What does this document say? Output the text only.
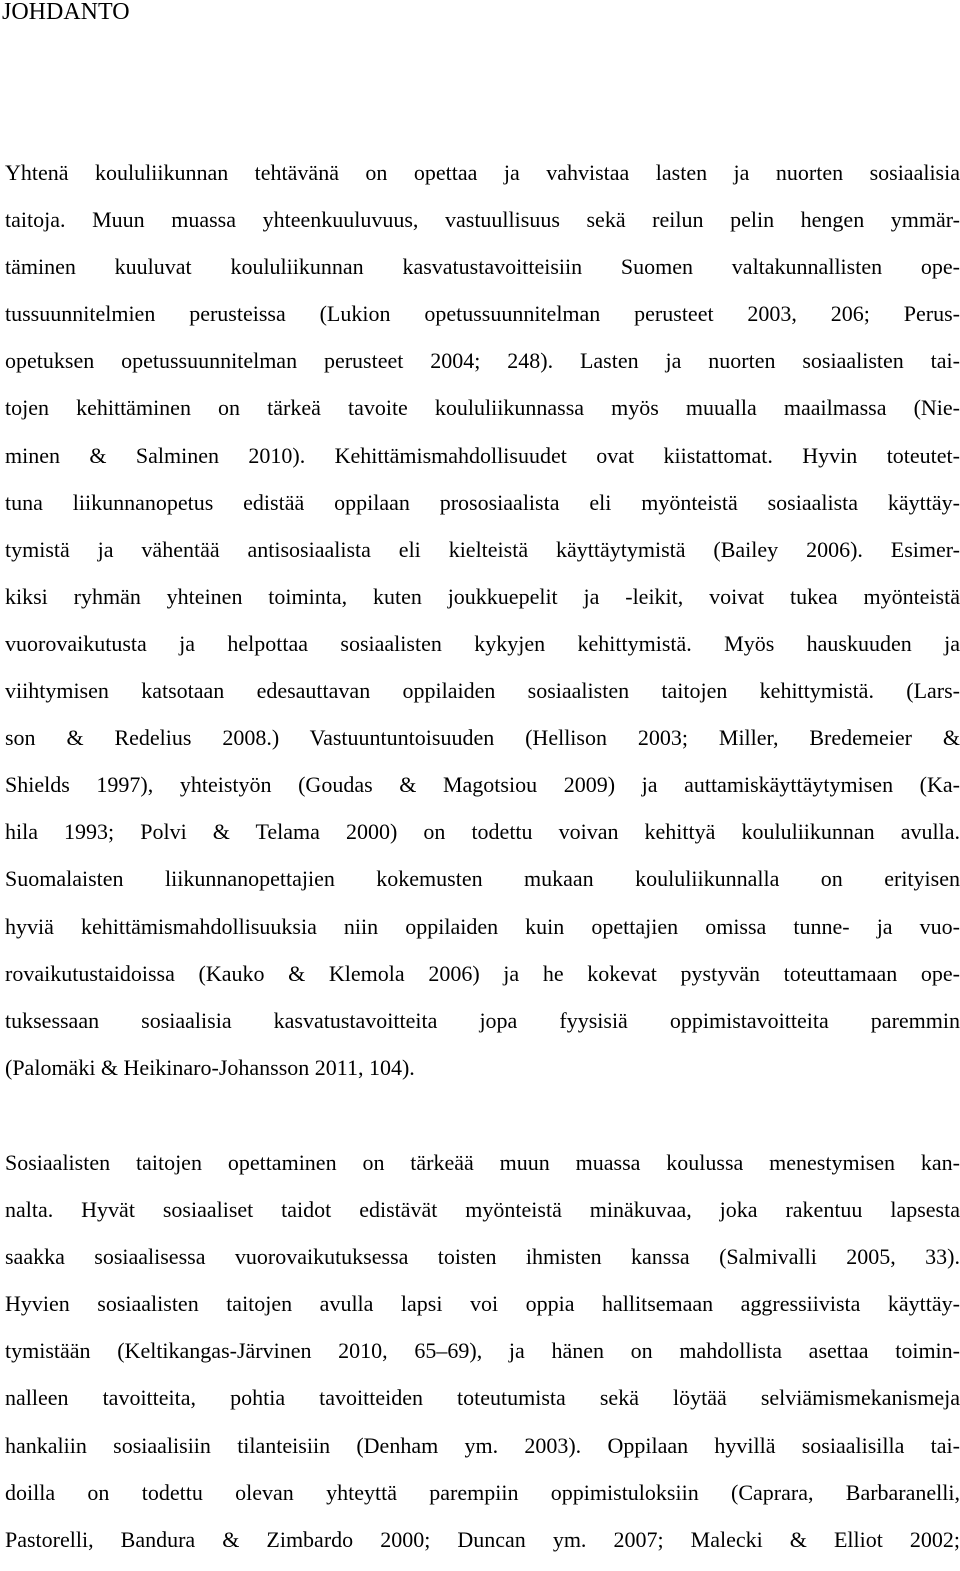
JOHDANTO
Yhtenä koululiikunnan tehtävänä on opettaa ja vahvistaa lasten ja nuorten sosiaalisia
taitoja. Muun muassa yhteenkuuluvuus, vastuullisuus sekä reilun pelin hengen ymmär-
täminen kuuluvat koululiikunnan kasvatustavoitteisiin Suomen valtakunnallisten ope-
tussuunnitelmien perusteissa (Lukion opetussuunnitelman perusteet 2003, 206; Perus-
opetuksen opetussuunnitelman perusteet 2004; 248). Lasten ja nuorten sosiaalisten tai-
tojen kehittäminen on tärkeä tavoite koululiikunnassa myös muualla maailmassa (Nie-
minen & Salminen 2010). Kehittämismahdollisuudet ovat kiistattomat. Hyvin toteutet-
tuna liikunnanopetus edistää oppilaan prososiaalista eli myönteistä sosiaalista käyttäy-
tymistä ja vähentää antisosiaalista eli kielteistä käyttäytymistä (Bailey 2006). Esimer-
kiksi ryhmän yhteinen toiminta, kuten joukkuepelit ja -leikit, voivat tukea myönteistä
vuorovaikutusta ja helpottaa sosiaalisten kykyjen kehittymistä. Myös hauskuuden ja
viihtymisen katsotaan edesauttavan oppilaiden sosiaalisten taitojen kehittymistä. (Lars-
son & Redelius 2008.) Vastuuntuntoisuuden (Hellison 2003; Miller, Bredemeier &
Shields 1997), yhteistyön (Goudas & Magotsiou 2009) ja auttamiskäyttäytymisen (Ka-
hila 1993; Polvi & Telama 2000) on todettu voivan kehittyä koululiikunnan avulla.
Suomalaisten liikunnanopettajien kokemusten mukaan koululiikunnalla on erityisen
hyviä kehittämismahdollisuuksia niin oppilaiden kuin opettajien omissa tunne- ja vuo-
rovaikutustaidoissa (Kauko & Klemola 2006) ja he kokevat pystyvän toteuttamaan ope-
tuksessaan sosiaalisia kasvatustavoitteita jopa fyysisiä oppimistavoitteita paremmin
(Palomäki & Heikinaro-Johansson 2011, 104).
Sosiaalisten taitojen opettaminen on tärkeää muun muassa koulussa menestymisen kan-
nalta. Hyvät sosiaaliset taidot edistävät myönteistä minäkuvaa, joka rakentuu lapsesta
saakka sosiaalisessa vuorovaikutuksessa toisten ihmisten kanssa (Salmivalli 2005, 33).
Hyvien sosiaalisten taitojen avulla lapsi voi oppia hallitsemaan aggressiivista käyttäy-
tymistään (Keltikangas-Järvinen 2010, 65–69), ja hänen on mahdollista asettaa toimin-
nalleen tavoitteita, pohtia tavoitteiden toteutumista sekä löytää selviämismekanismeja
hankaliin sosiaalisiin tilanteisiin (Denham ym. 2003). Oppilaan hyvillä sosiaalisilla tai-
doilla on todettu olevan yhteyttä parempiin oppimistuloksiin (Caprara, Barbaranelli,
Pastorelli, Bandura & Zimbardo 2000; Duncan ym. 2007; Malecki & Elliot 2002;
